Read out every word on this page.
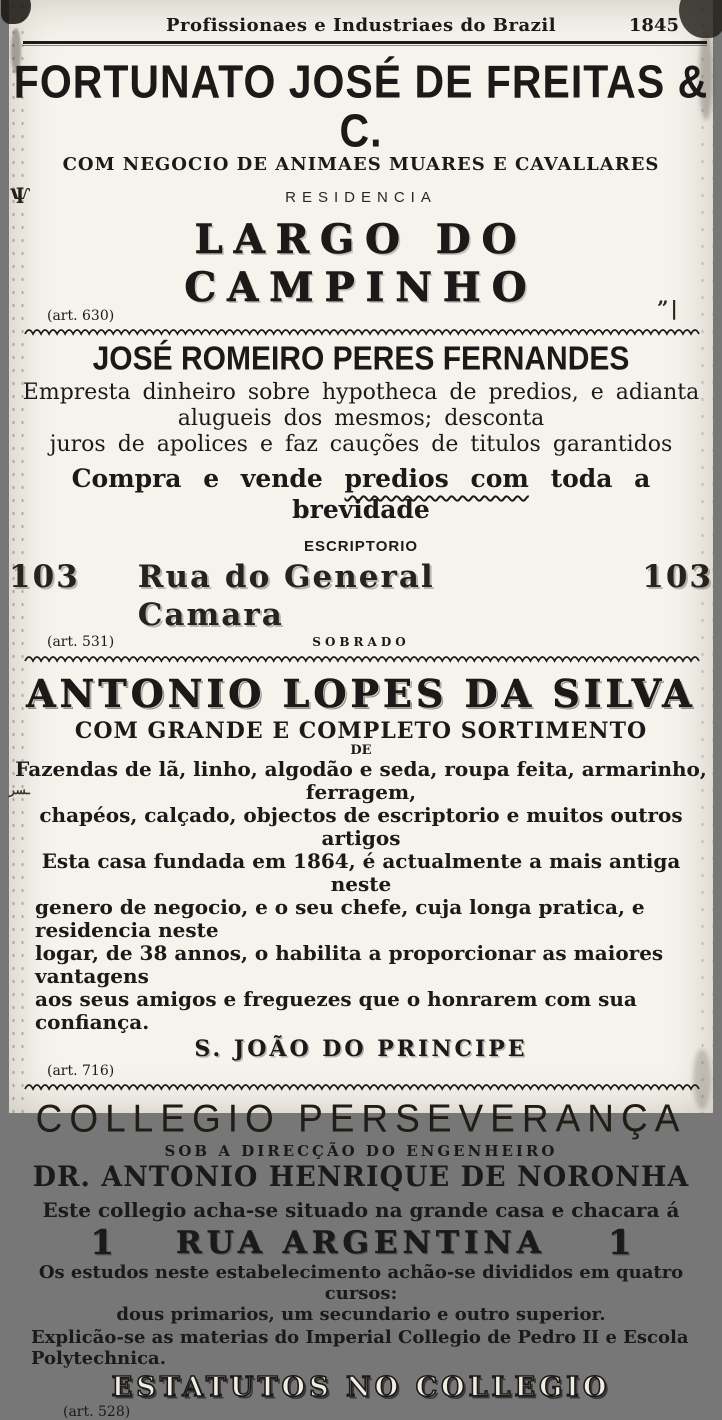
Ѱ
ـسر
”|
Profissionaes e Industriaes do Brazil	1845
FORTUNATO JOSÉ DE FREITAS & C.
COM NEGOCIO DE ANIMAES MUARES E CAVALLARES
RESIDENCIA
LARGO DO CAMPINHO
(art. 630)
JOSÉ ROMEIRO PERES FERNANDES
Empresta dinheiro sobre hypotheca de predios, e adianta
alugueis dos mesmos; desconta
juros de apolices e faz cauções de titulos garantidos
Compra e vende predios com toda a brevidade
ESCRIPTORIO
103 Rua do General Camara
103
SOBRADO
(art. 531)
ANTONIO LOPES DA SILVA
COM GRANDE E COMPLETO SORTIMENTO
DE
Fazendas de lã, linho, algodão e seda, roupa feita, armarinho, ferragem,
chapéos, calçado, objectos de escriptorio e muitos outros artigos
Esta casa fundada em 1864, é actualmente a mais antiga neste
genero de negocio, e o seu chefe, cuja longa pratica, e residencia neste
logar, de 38 annos, o habilita a proporcionar as maiores vantagens
aos seus amigos e freguezes que o honrarem com sua confiança.
S. JOÃO DO PRINCIPE
(art. 716)
COLLEGIO PERSEVERANÇA
SOB A DIRECÇÃO DO ENGENHEIRO
DR. ANTONIO HENRIQUE DE NORONHA
Este collegio acha-se situado na grande casa e chacara á
1 RUA ARGENTINA 1
Os estudos neste estabelecimento achão-se divididos em quatro cursos:
dous primarios, um secundario e outro superior.
Explicão-se as materias do Imperial Collegio de Pedro II e Escola Polytechnica.
ESTATUTOS NO COLLEGIO
(art. 528)
